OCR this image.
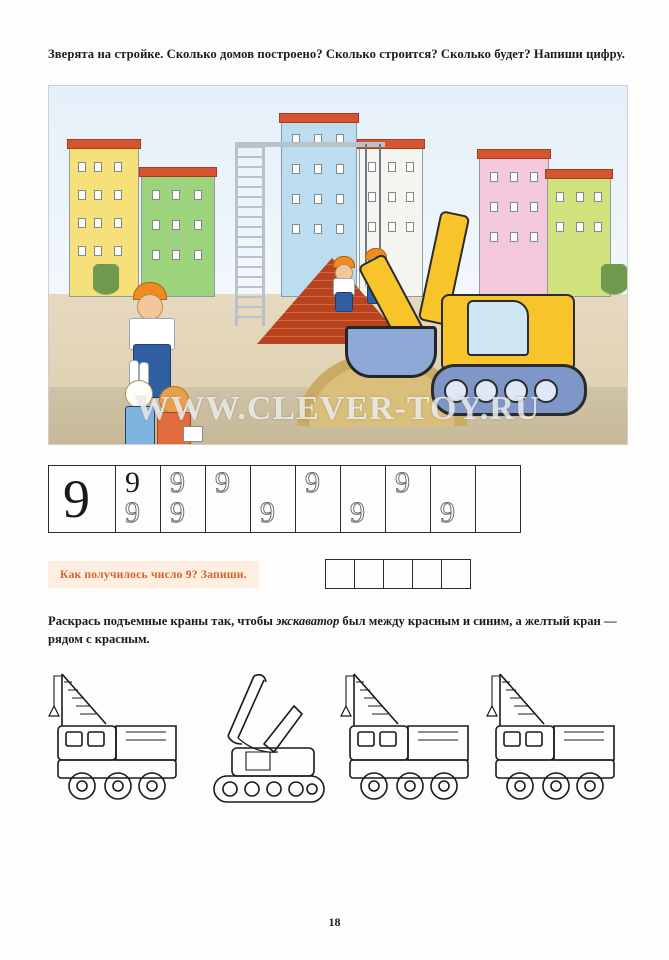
Зверята на стройке. Сколько домов построено? Сколько строится? Сколько будет? Напиши цифру.
WWW.CLEVER-TOY.RU
9 9
9
9
9
9
9
9
9
9
9
Как получилось число 9? Запиши.
Раскрась подъемные краны так, чтобы экскаватор был между красным и синим, а желтый кран — рядом с красным.
18
